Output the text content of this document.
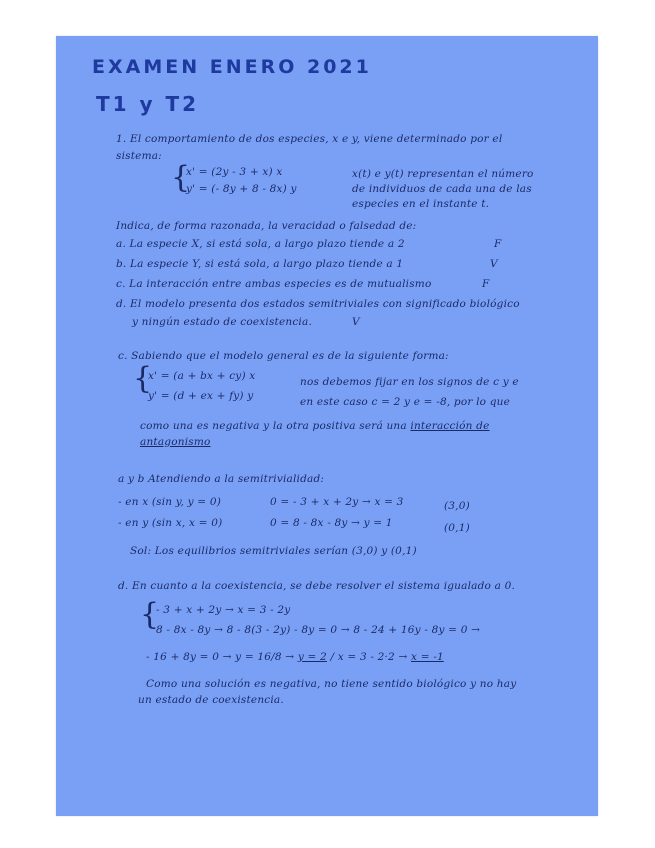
EXAMEN ENERO 2021
T1 y T2
1. El comportamiento de dos especies, x e y, viene determinado por el
sistema:
{
x' = (2y - 3 + x) x
y' = (- 8y + 8 - 8x) y
x(t) e y(t) representan el número
de individuos de cada una de las
especies en el instante t.
Indica, de forma razonada, la veracidad o falsedad de:
a. La especie X, si está sola, a largo plazo tiende a 2	F
b. La especie Y, si está sola, a largo plazo tiende a 1	V
c. La interacción entre ambas especies es de mutualismo	F
d. El modelo presenta dos estados semitriviales con significado biológico
y ningún estado de coexistencia.	V
c. Sabiendo que el modelo general es de la siguiente forma:
{
x' = (a + bx + cy) x
y' = (d + ex + fy) y
nos debemos fijar en los signos de c y e
en este caso c = 2 y e = -8, por lo que
como una es negativa y la otra positiva será una interacción de
antagonismo
a y b Atendiendo a la semitrivialidad:
- en x (sin y, y = 0)	0 = - 3 + x + 2y → x = 3	(3,0)
- en y (sin x, x = 0)	0 = 8 - 8x - 8y → y = 1	(0,1)
Sol: Los equilibrios semitriviales serían (3,0) y (0,1)
d. En cuanto a la coexistencia, se debe resolver el sistema igualado a 0.
{
- 3 + x + 2y → x = 3 - 2y
8 - 8x - 8y → 8 - 8(3 - 2y) - 8y = 0 → 8 - 24 + 16y - 8y = 0 →
- 16 + 8y = 0 → y = 16/8 → y = 2 / x = 3 - 2·2 → x = -1
Como una solución es negativa, no tiene sentido biológico y no hay
un estado de coexistencia.
